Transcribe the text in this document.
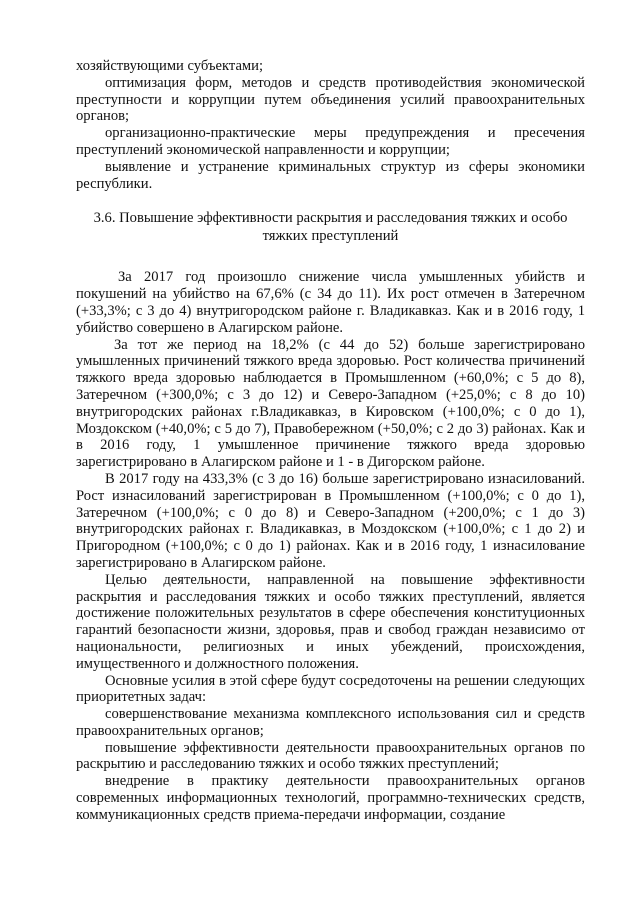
хозяйствующими субъектами;

оптимизация форм, методов и средств противодействия экономической преступности и коррупции путем объединения усилий правоохранительных органов;

организационно-практические меры предупреждения и пресечения преступлений экономической направленности и коррупции;

выявление и устранение криминальных структур из сферы экономики республики.

3.6. Повышение эффективности раскрытия и расследования тяжких и особо тяжких преступлений

За 2017 год произошло снижение числа умышленных убийств и покушений на убийство на 67,6% (с 34 до 11). Их рост отмечен в Затеречном (+33,3%; с 3 до 4) внутригородском районе г. Владикавказ. Как и в 2016 году, 1 убийство совершено в Алагирском районе.

За тот же период на 18,2% (с 44 до 52) больше зарегистрировано умышленных причинений тяжкого вреда здоровью. Рост количества причинений тяжкого вреда здоровью наблюдается в Промышленном (+60,0%; с 5 до 8), Затеречном (+300,0%; с 3 до 12) и Северо-Западном (+25,0%; с 8 до 10) внутригородских районах г.Владикавказ, в Кировском (+100,0%; с 0 до 1), Моздокском (+40,0%; с 5 до 7), Правобережном (+50,0%; с 2 до 3) районах. Как и в 2016 году, 1 умышленное причинение тяжкого вреда здоровью зарегистрировано в Алагирском районе и 1 - в Дигорском районе.

В 2017 году на 433,3% (с 3 до 16) больше зарегистрировано изнасилований. Рост изнасилований зарегистрирован в Промышленном (+100,0%; с 0 до 1), Затеречном (+100,0%; с 0 до 8) и Северо-Западном (+200,0%; с 1 до 3) внутригородских районах г. Владикавказ, в Моздокском (+100,0%; с 1 до 2) и Пригородном (+100,0%; с 0 до 1) районах. Как и в 2016 году, 1 изнасилование зарегистрировано в Алагирском районе.

Целью деятельности, направленной на повышение эффективности раскрытия и расследования тяжких и особо тяжких преступлений, является достижение положительных результатов в сфере обеспечения конституционных гарантий безопасности жизни, здоровья, прав и свобод граждан независимо от национальности, религиозных и иных убеждений, происхождения, имущественного и должностного положения.

Основные усилия в этой сфере будут сосредоточены на решении следующих приоритетных задач:

совершенствование механизма комплексного использования сил и средств правоохранительных органов;

повышение эффективности деятельности правоохранительных органов по раскрытию и расследованию тяжких и особо тяжких преступлений;

внедрение в практику деятельности правоохранительных органов современных информационных технологий, программно-технических средств, коммуникационных средств приема-передачи информации, создание
